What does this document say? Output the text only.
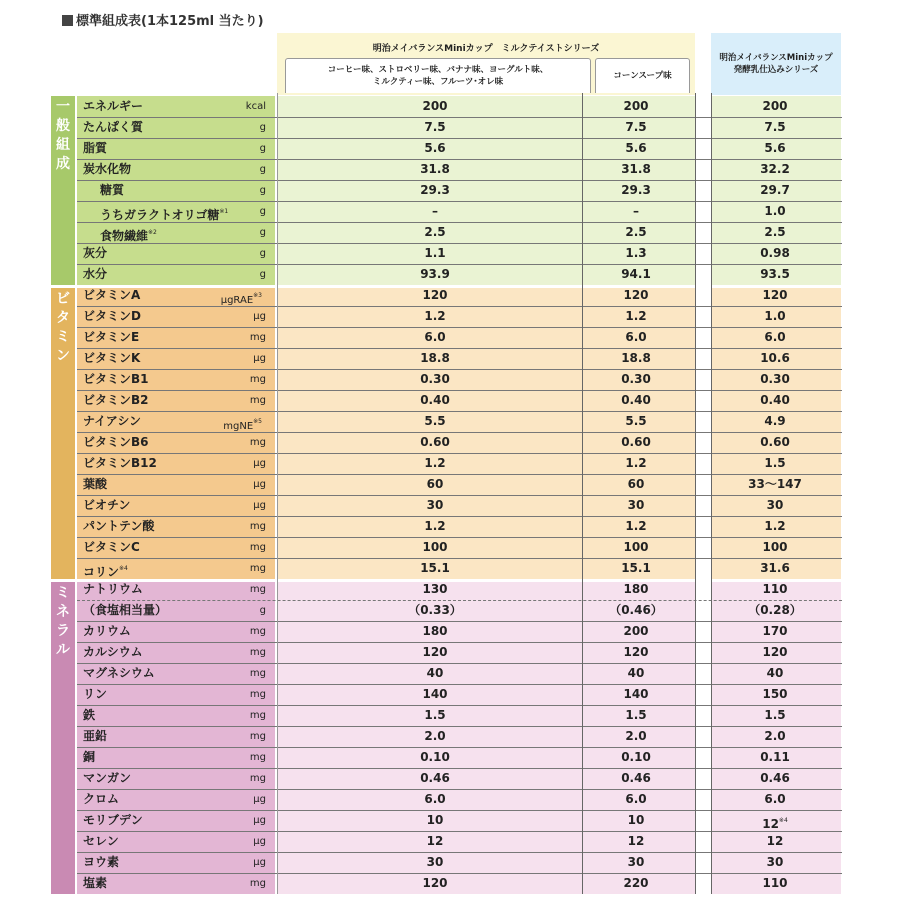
標準組成表(1本125ml 当たり)
明治メイバランスMiniカップ　ミルクテイストシリーズ
コーヒー味、ストロベリー味、バナナ味、ヨーグルト味、
ミルクティー味、フルーツ･オレ味
コーンスープ味
明治メイバランスMiniカップ
発酵乳仕込みシリーズ
一
般
組
成
ビ
タ
ミ
ン
ミ
ネ
ラ
ル
エネルギー	kcal	200	200	200
たんぱく質	g	7.5	7.5	7.5
脂質	g	5.6	5.6	5.6
炭水化物	g	31.8	31.8	32.2
糖質	g	29.3	29.3	29.7
うちガラクトオリゴ糖$^{※1}$	g	–	–	1.0
食物繊維$^{※2}$	g	2.5	2.5	2.5
灰分	g	1.1	1.3	0.98
水分	g	93.9	94.1	93.5
ビタミンA	μgRAE$^{※3}$	120	120	120
ビタミンD	μg	1.2	1.2	1.0
ビタミンE	mg	6.0	6.0	6.0
ビタミンK	μg	18.8	18.8	10.6
ビタミンB1	mg	0.30	0.30	0.30
ビタミンB2	mg	0.40	0.40	0.40
ナイアシン	mgNE$^{※5}$	5.5	5.5	4.9
ビタミンB6	mg	0.60	0.60	0.60
ビタミンB12	μg	1.2	1.2	1.5
葉酸	μg	60	60	33〜147
ビオチン	μg	30	30	30
パントテン酸	mg	1.2	1.2	1.2
ビタミンC	mg	100	100	100
コリン$^{※4}$	mg	15.1	15.1	31.6
ナトリウム	mg	130	180	110
（食塩相当量）	g	（0.33）	（0.46）	（0.28）
カリウム	mg	180	200	170
カルシウム	mg	120	120	120
マグネシウム	mg	40	40	40
リン	mg	140	140	150
鉄	mg	1.5	1.5	1.5
亜鉛	mg	2.0	2.0	2.0
銅	mg	0.10	0.10	0.11
マンガン	mg	0.46	0.46	0.46
クロム	μg	6.0	6.0	6.0
モリブデン	μg	10	10	12$^{※4}$
セレン	μg	12	12	12
ヨウ素	μg	30	30	30
塩素	mg	120	220	110
